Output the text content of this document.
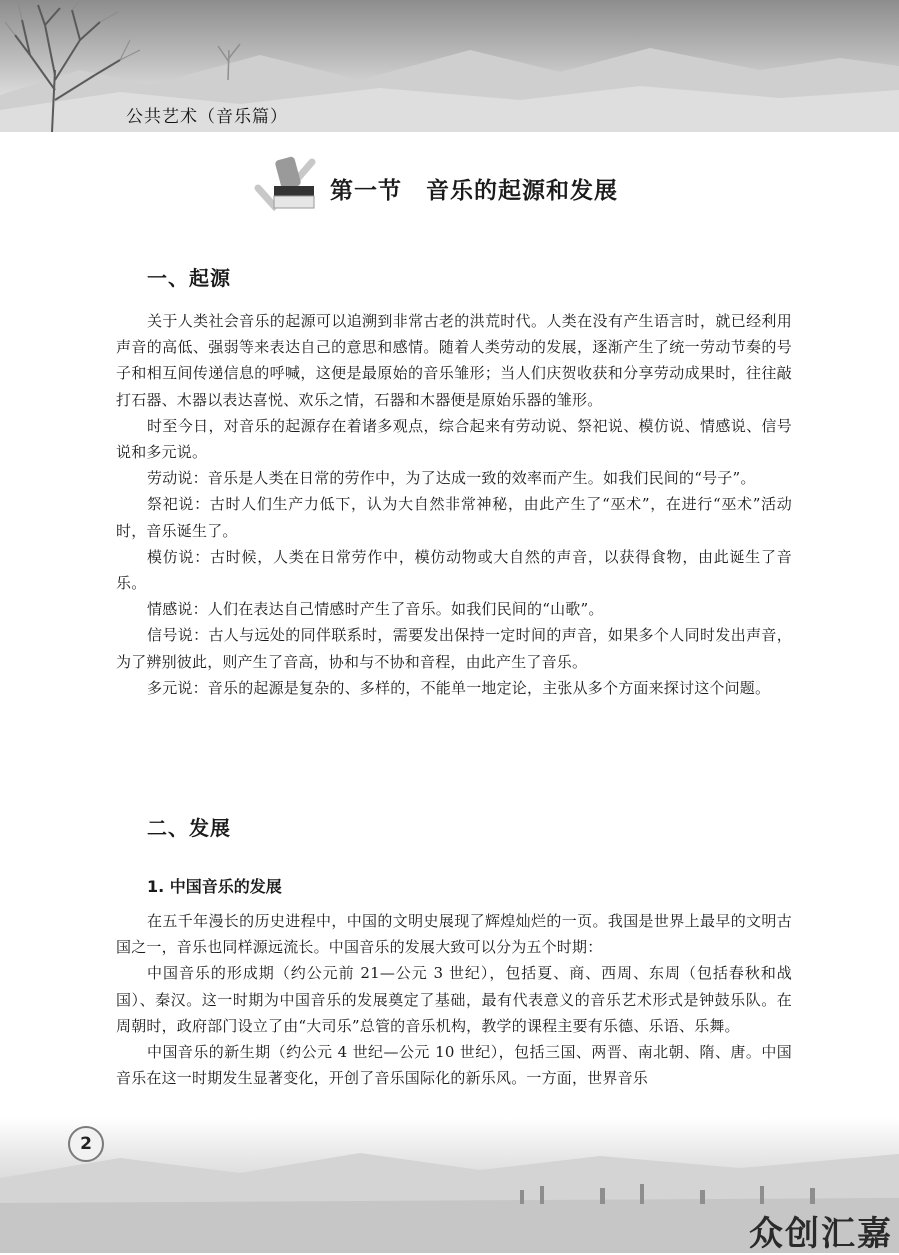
公共艺术（音乐篇）
第一节　音乐的起源和发展
一、起源

关于人类社会音乐的起源可以追溯到非常古老的洪荒时代。人类在没有产生语言时，就已经利用声音的高低、强弱等来表达自己的意思和感情。随着人类劳动的发展，逐渐产生了统一劳动节奏的号子和相互间传递信息的呼喊，这便是最原始的音乐雏形；当人们庆贺收获和分享劳动成果时，往往敲打石器、木器以表达喜悦、欢乐之情，石器和木器便是原始乐器的雏形。

时至今日，对音乐的起源存在着诸多观点，综合起来有劳动说、祭祀说、模仿说、情感说、信号说和多元说。

劳动说：音乐是人类在日常的劳作中，为了达成一致的效率而产生。如我们民间的“号子”。

祭祀说：古时人们生产力低下，认为大自然非常神秘，由此产生了“巫术”，在进行“巫术”活动时，音乐诞生了。

模仿说：古时候，人类在日常劳作中，模仿动物或大自然的声音，以获得食物，由此诞生了音乐。

情感说：人们在表达自己情感时产生了音乐。如我们民间的“山歌”。

信号说：古人与远处的同伴联系时，需要发出保持一定时间的声音，如果多个人同时发出声音，为了辨别彼此，则产生了音高，协和与不协和音程，由此产生了音乐。

多元说：音乐的起源是复杂的、多样的，不能单一地定论，主张从多个方面来探讨这个问题。

二、发展
1. 中国音乐的发展

在五千年漫长的历史进程中，中国的文明史展现了辉煌灿烂的一页。我国是世界上最早的文明古国之一，音乐也同样源远流长。中国音乐的发展大致可以分为五个时期：

中国音乐的形成期（约公元前 21—公元 3 世纪），包括夏、商、西周、东周（包括春秋和战国）、秦汉。这一时期为中国音乐的发展奠定了基础，最有代表意义的音乐艺术形式是钟鼓乐队。在周朝时，政府部门设立了由“大司乐”总管的音乐机构，教学的课程主要有乐德、乐语、乐舞。

中国音乐的新生期（约公元 4 世纪—公元 10 世纪），包括三国、两晋、南北朝、隋、唐。中国音乐在这一时期发生显著变化，开创了音乐国际化的新乐风。一方面，世界音乐

2
众创汇嘉
